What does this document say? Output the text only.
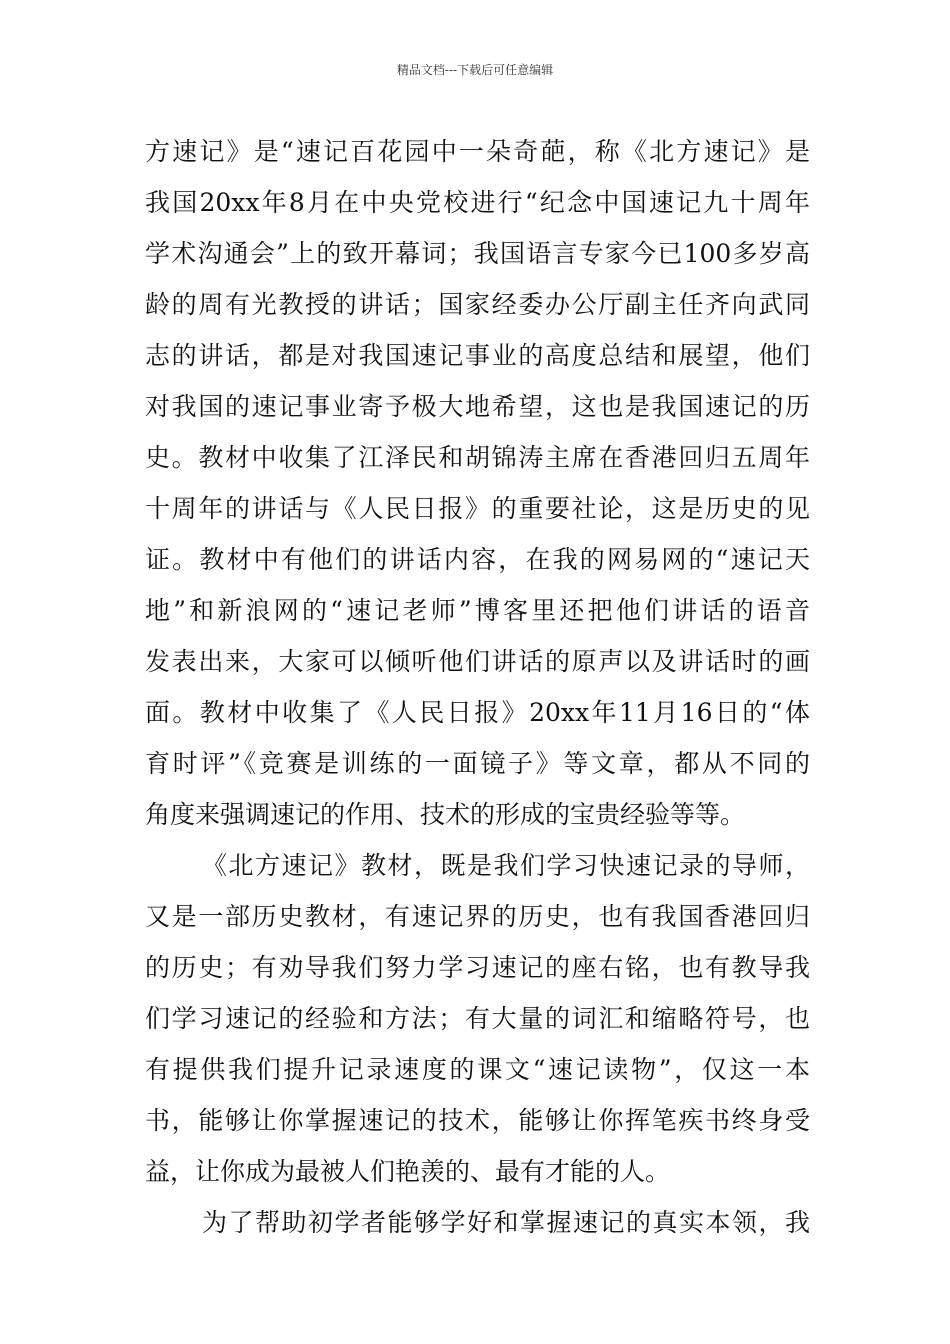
精品文档---下载后可任意编辑
方速记》是“速记百花园中一朵奇葩，称《北方速记》是
我国20xx年8月在中央党校进行“纪念中国速记九十周年
学术沟通会”上的致开幕词；我国语言专家今已100多岁高
龄的周有光教授的讲话；国家经委办公厅副主任齐向武同
志的讲话，都是对我国速记事业的高度总结和展望，他们
对我国的速记事业寄予极大地希望，这也是我国速记的历
史。教材中收集了江泽民和胡锦涛主席在香港回归五周年
十周年的讲话与《人民日报》的重要社论，这是历史的见
证。教材中有他们的讲话内容，在我的网易网的“速记天
地”和新浪网的“速记老师”博客里还把他们讲话的语音
发表出来，大家可以倾听他们讲话的原声以及讲话时的画
面。教材中收集了《人民日报》20xx年11月16日的“体
育时评”《竞赛是训练的一面镜子》等文章，都从不同的
角度来强调速记的作用、技术的形成的宝贵经验等等。
《北方速记》教材，既是我们学习快速记录的导师，
又是一部历史教材，有速记界的历史，也有我国香港回归
的历史；有劝导我们努力学习速记的座右铭，也有教导我
们学习速记的经验和方法；有大量的词汇和缩略符号，也
有提供我们提升记录速度的课文“速记读物”，仅这一本
书，能够让你掌握速记的技术，能够让你挥笔疾书终身受
益，让你成为最被人们艳羡的、最有才能的人。
为了帮助初学者能够学好和掌握速记的真实本领，我
